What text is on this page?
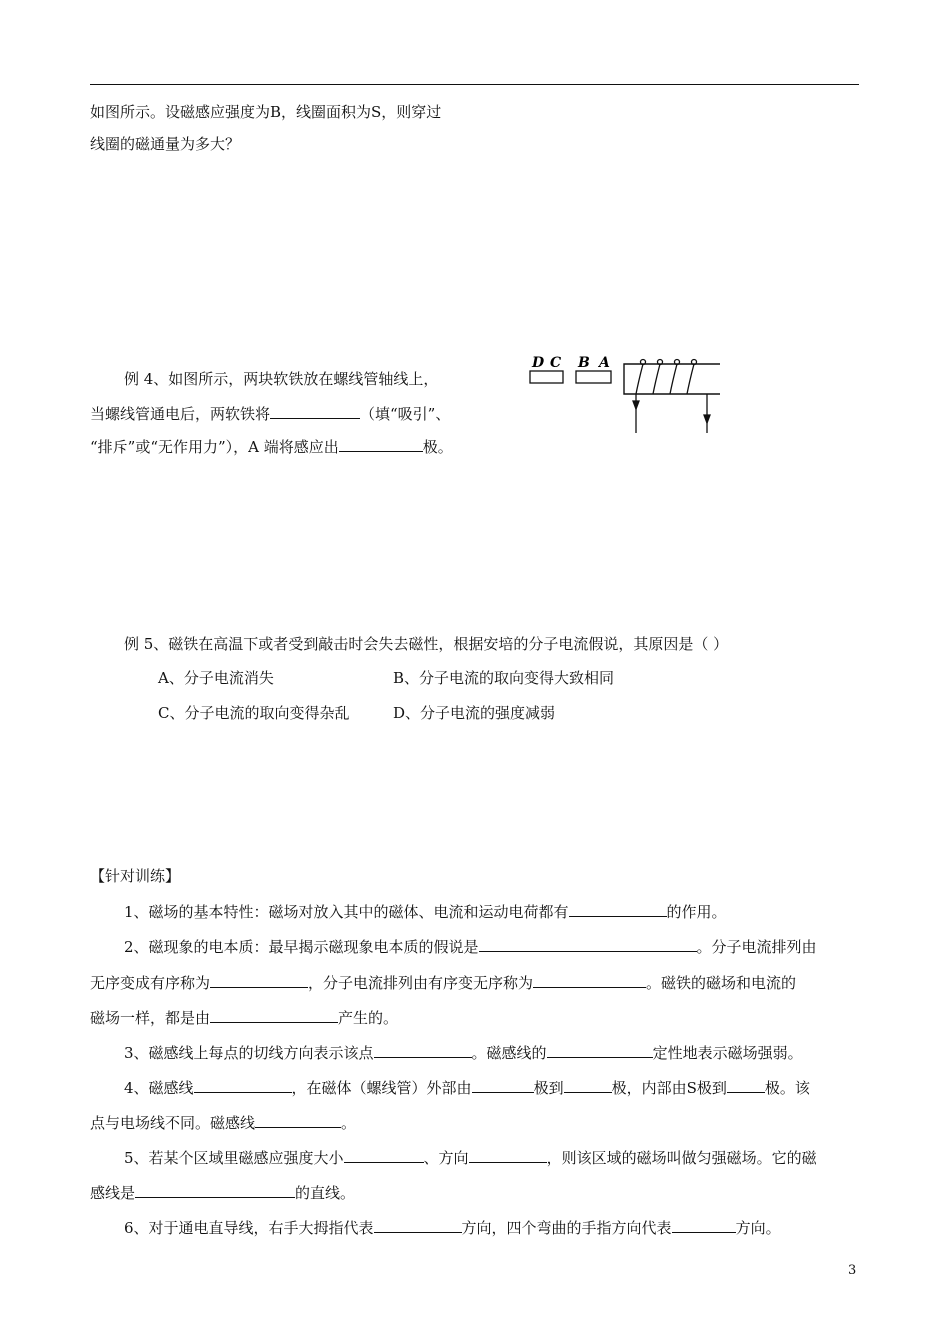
如图所示。设磁感应强度为B，线圈面积为S，则穿过
线圈的磁通量为多大？
例 4、如图所示，两块软铁放在螺线管轴线上，
当螺线管通电后，两软铁将	（填“吸引”、
“排斥”或“无作用力”），A 端将感应出	极。
D C B A
例 5、磁铁在高温下或者受到敲击时会失去磁性，根据安培的分子电流假说，其原因是（ ）
A、分子电流消失	B、分子电流的取向变得大致相同
C、分子电流的取向变得杂乱	D、分子电流的强度减弱
【针对训练】
1、磁场的基本特性：磁场对放入其中的磁体、电流和运动电荷都有	的作用。
2、磁现象的电本质：最早揭示磁现象电本质的假说是	。分子电流排列由
无序变成有序称为	，分子电流排列由有序变无序称为	。磁铁的磁场和电流的
磁场一样，都是由	产生的。
3、磁感线上每点的切线方向表示该点	。磁感线的	定性地表示磁场强弱。
4、磁感线	，在磁体（螺线管）外部由	极到	极，内部由S极到	极。该
点与电场线不同。磁感线	。
5、若某个区域里磁感应强度大小	、方向	，则该区域的磁场叫做匀强磁场。它的磁
感线是	的直线。
6、对于通电直导线，右手大拇指代表	方向，四个弯曲的手指方向代表	方向。
3
